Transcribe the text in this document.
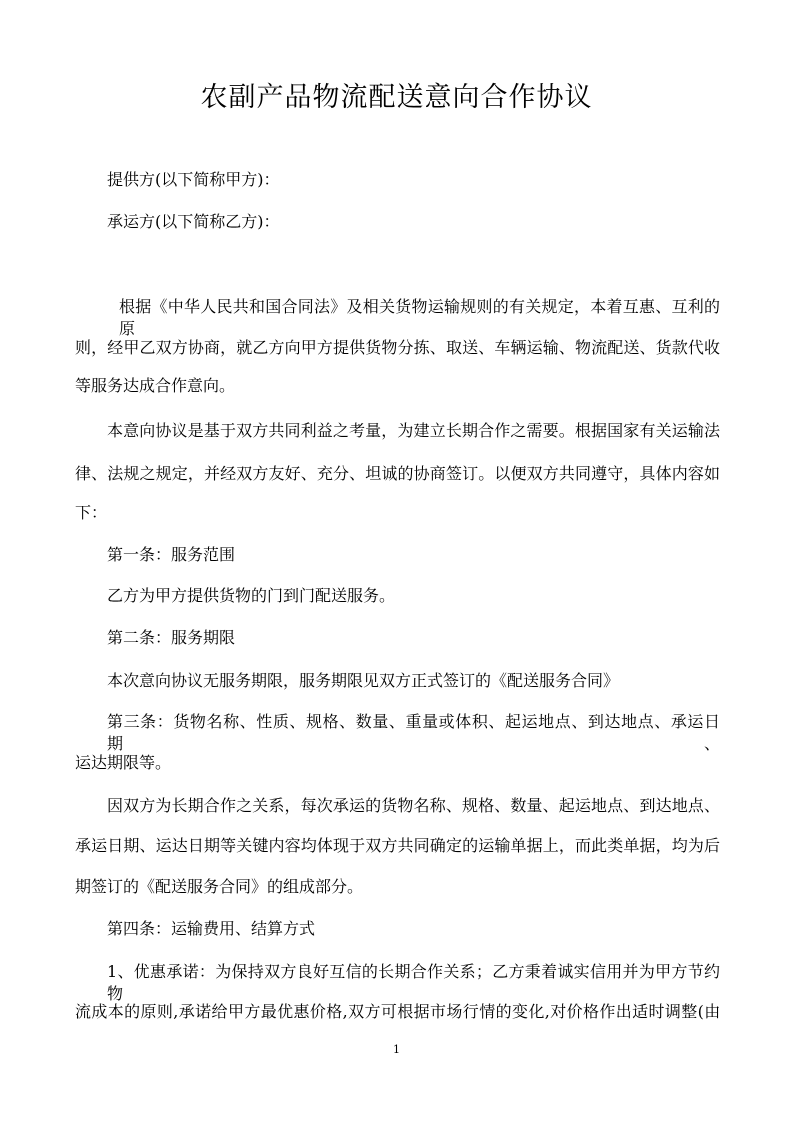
农副产品物流配送意向合作协议

提供方(以下简称甲方)：

承运方(以下简称乙方)：

根据《中华人民共和国合同法》及相关货物运输规则的有关规定，本着互惠、互利的原

则，经甲乙双方协商，就乙方向甲方提供货物分拣、取送、车辆运输、物流配送、货款代收

等服务达成合作意向。

本意向协议是基于双方共同利益之考量，为建立长期合作之需要。根据国家有关运输法

律、法规之规定，并经双方友好、充分、坦诚的协商签订。以便双方共同遵守，具体内容如

下：

第一条：服务范围

乙方为甲方提供货物的门到门配送服务。

第二条：服务期限

本次意向协议无服务期限，服务期限见双方正式签订的《配送服务合同》

第三条：货物名称、性质、规格、数量、重量或体积、起运地点、到达地点、承运日期、

运达期限等。

因双方为长期合作之关系，每次承运的货物名称、规格、数量、起运地点、到达地点、

承运日期、运达日期等关键内容均体现于双方共同确定的运输单据上，而此类单据，均为后

期签订的《配送服务合同》的组成部分。

第四条：运输费用、结算方式

1、优惠承诺：为保持双方良好互信的长期合作关系；乙方秉着诚实信用并为甲方节约物

流成本的原则,承诺给甲方最优惠价格,双方可根据市场行情的变化,对价格作出适时调整(由

1
